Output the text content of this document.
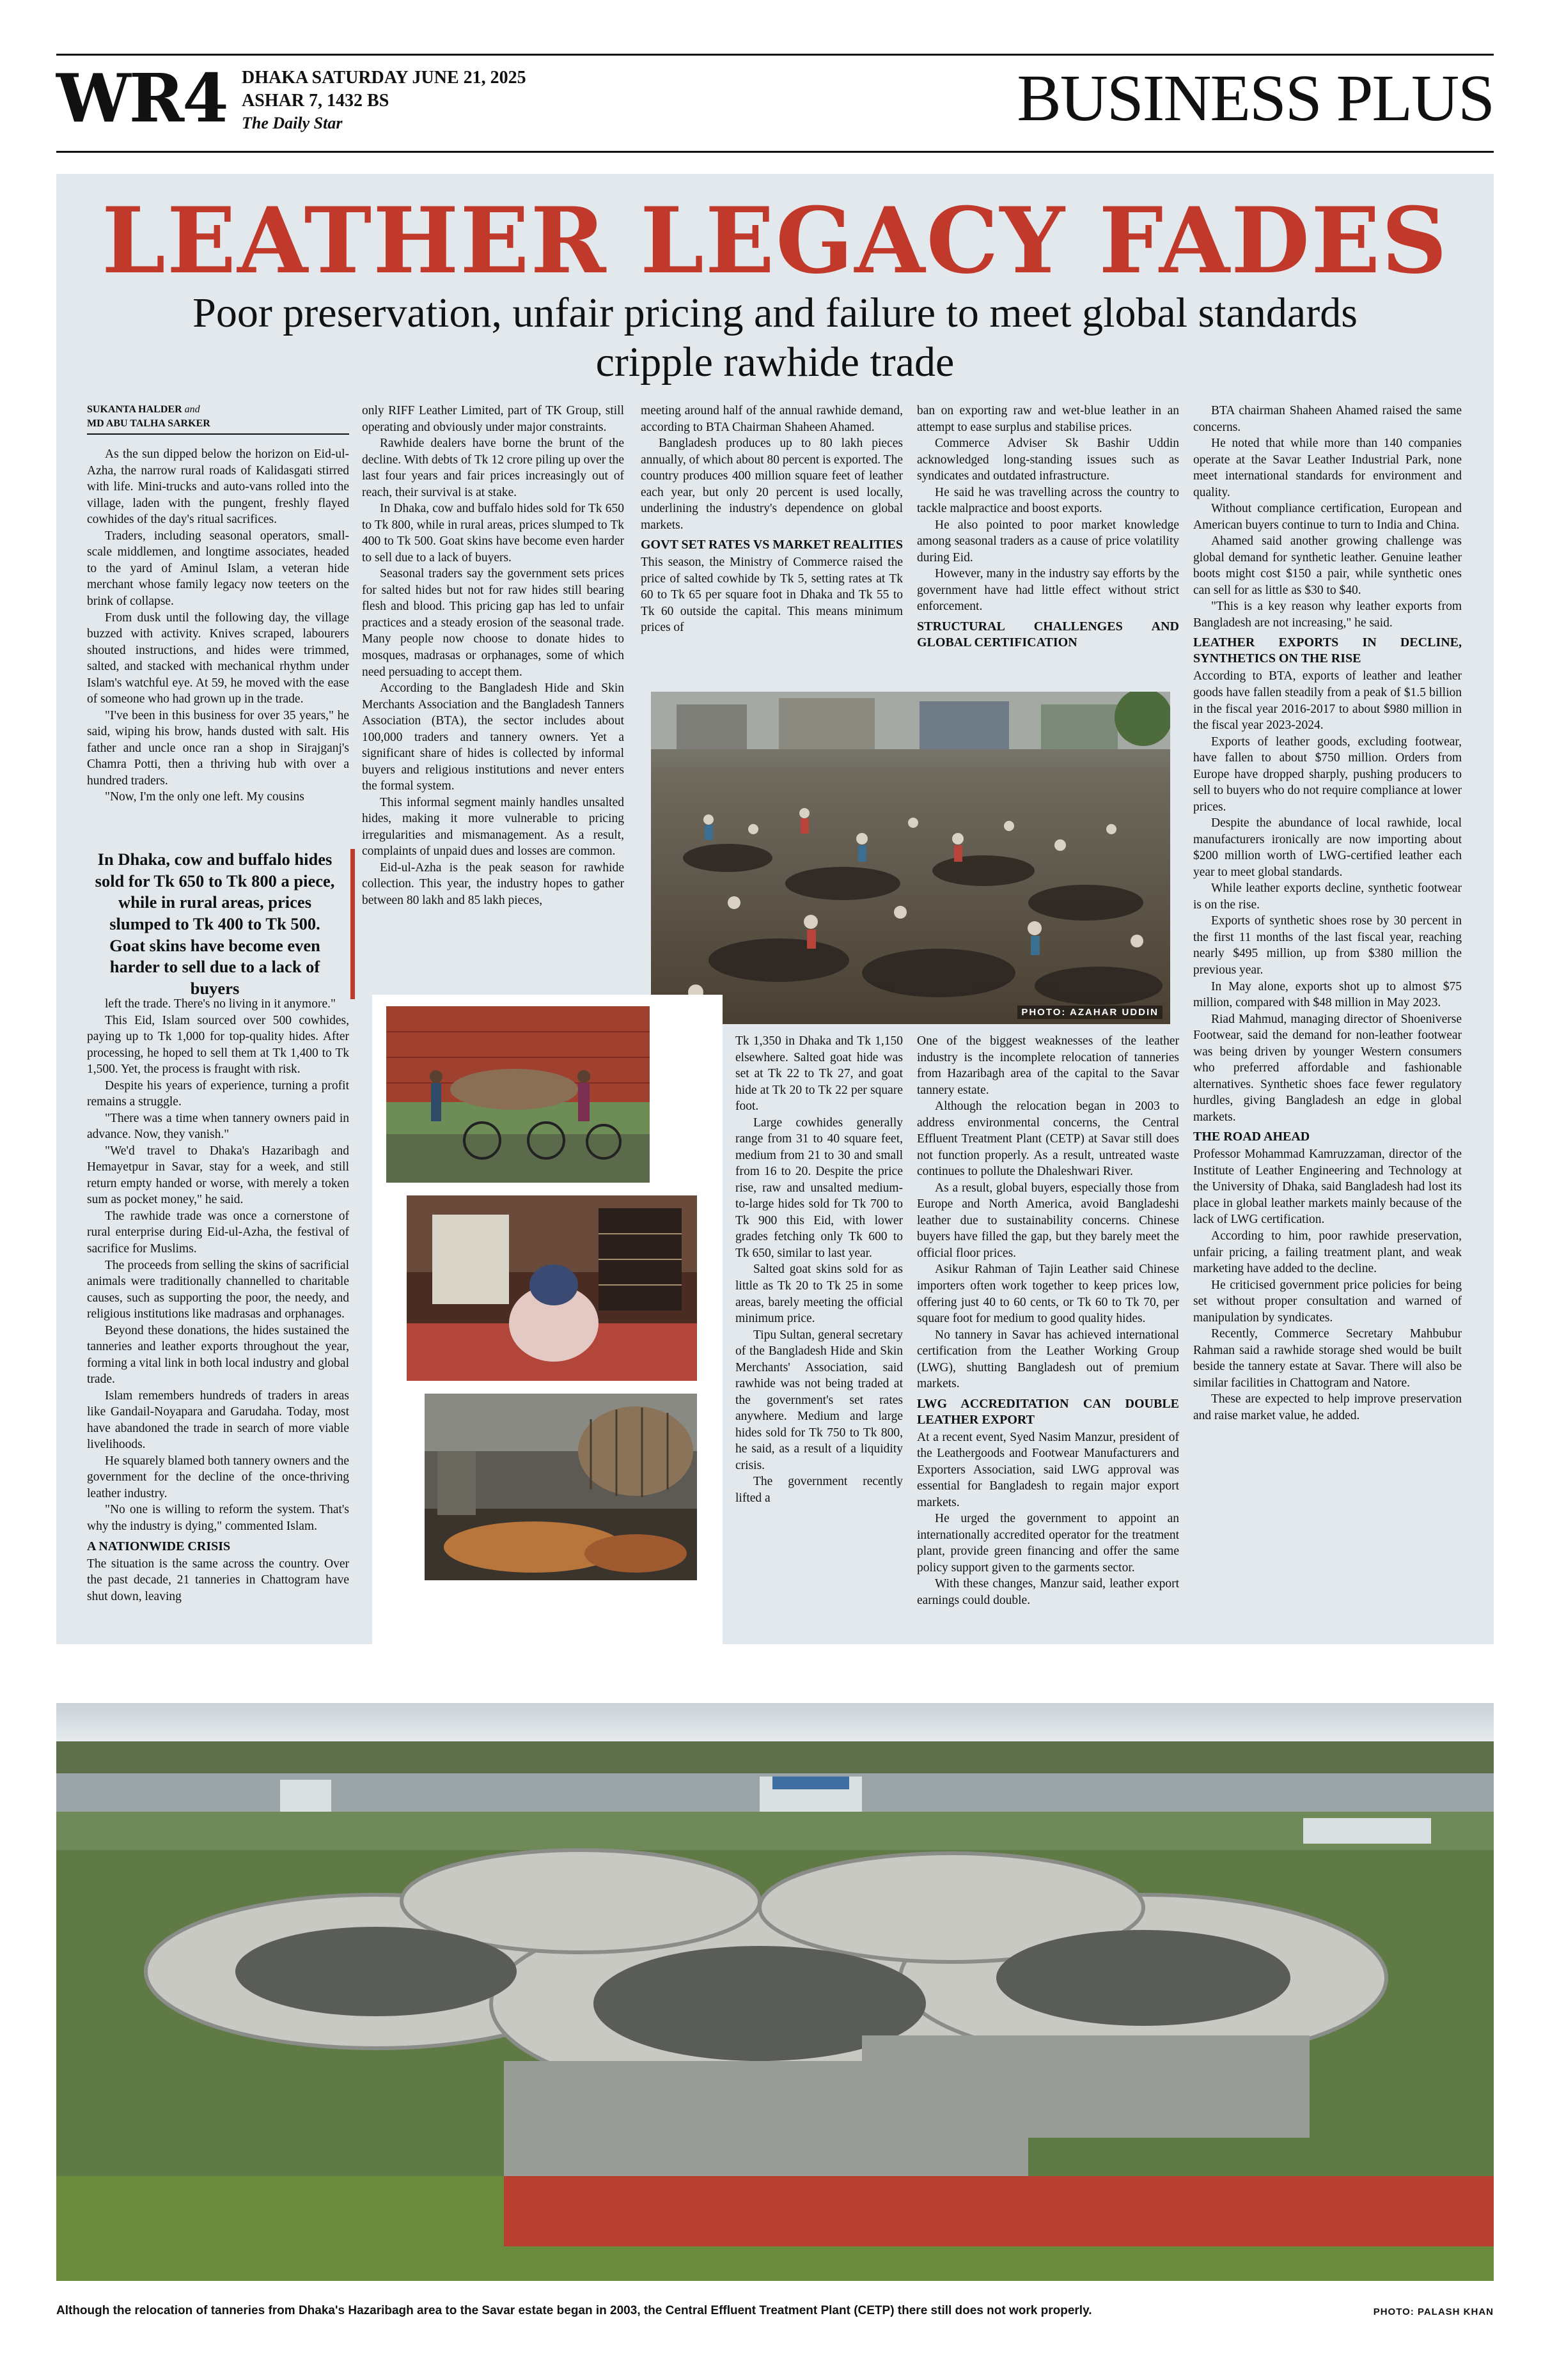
WR4 DHAKA SATURDAY JUNE 21, 2025
ASHAR 7, 1432 BS
The Daily Star	BUSINESS PLUS
LEATHER LEGACY FADES
Poor preservation, unfair pricing and failure to meet global standards cripple rawhide trade
SUKANTA HALDER and
MD ABU TALHA SARKER

As the sun dipped below the horizon on Eid-ul-Azha, the narrow rural roads of Kalidasgati stirred with life. Mini-trucks and auto-vans rolled into the village, laden with the pungent, freshly flayed cowhides of the day's ritual sacrifices.

Traders, including seasonal operators, small-scale middlemen, and longtime associates, headed to the yard of Aminul Islam, a veteran hide merchant whose family legacy now teeters on the brink of collapse.

From dusk until the following day, the village buzzed with activity. Knives scraped, labourers shouted instructions, and hides were trimmed, salted, and stacked with mechanical rhythm under Islam's watchful eye. At 59, he moved with the ease of someone who had grown up in the trade.

"I've been in this business for over 35 years," he said, wiping his brow, hands dusted with salt. His father and uncle once ran a shop in Sirajganj's Chamra Potti, then a thriving hub with over a hundred traders.

"Now, I'm the only one left. My cousins

In Dhaka, cow and buffalo hides sold for Tk 650 to Tk 800 a piece, while in rural areas, prices slumped to Tk 400 to Tk 500. Goat skins have become even harder to sell due to a lack of buyers

left the trade. There's no living in it anymore."

This Eid, Islam sourced over 500 cowhides, paying up to Tk 1,000 for top-quality hides. After processing, he hoped to sell them at Tk 1,400 to Tk 1,500. Yet, the process is fraught with risk.

Despite his years of experience, turning a profit remains a struggle.

"There was a time when tannery owners paid in advance. Now, they vanish."

"We'd travel to Dhaka's Hazaribagh and Hemayetpur in Savar, stay for a week, and still return empty handed or worse, with merely a token sum as pocket money," he said.

The rawhide trade was once a cornerstone of rural enterprise during Eid-ul-Azha, the festival of sacrifice for Muslims.

The proceeds from selling the skins of sacrificial animals were traditionally channelled to charitable causes, such as supporting the poor, the needy, and religious institutions like madrasas and orphanages.

Beyond these donations, the hides sustained the tanneries and leather exports throughout the year, forming a vital link in both local industry and global trade.

Islam remembers hundreds of traders in areas like Gandail-Noyapara and Garudaha. Today, most have abandoned the trade in search of more viable livelihoods.

He squarely blamed both tannery owners and the government for the decline of the once-thriving leather industry.

"No one is willing to reform the system. That's why the industry is dying," commented Islam.

A NATIONWIDE CRISIS

The situation is the same across the country. Over the past decade, 21 tanneries in Chattogram have shut down, leaving

only RIFF Leather Limited, part of TK Group, still operating and obviously under major constraints.

Rawhide dealers have borne the brunt of the decline. With debts of Tk 12 crore piling up over the last four years and fair prices increasingly out of reach, their survival is at stake.

In Dhaka, cow and buffalo hides sold for Tk 650 to Tk 800, while in rural areas, prices slumped to Tk 400 to Tk 500. Goat skins have become even harder to sell due to a lack of buyers.

Seasonal traders say the government sets prices for salted hides but not for raw hides still bearing flesh and blood. This pricing gap has led to unfair practices and a steady erosion of the seasonal trade. Many people now choose to donate hides to mosques, madrasas or orphanages, some of which need persuading to accept them.

According to the Bangladesh Hide and Skin Merchants Association and the Bangladesh Tanners Association (BTA), the sector includes about 100,000 traders and tannery owners. Yet a significant share of hides is collected by informal buyers and religious institutions and never enters the formal system.

This informal segment mainly handles unsalted hides, making it more vulnerable to pricing irregularities and mismanagement. As a result, complaints of unpaid dues and losses are common.

Eid-ul-Azha is the peak season for rawhide collection. This year, the industry hopes to gather between 80 lakh and 85 lakh pieces,

meeting around half of the annual rawhide demand, according to BTA Chairman Shaheen Ahamed.

Bangladesh produces up to 80 lakh pieces annually, of which about 80 percent is exported. The country produces 400 million square feet of leather each year, but only 20 percent is used locally, underlining the industry's dependence on global markets.

GOVT SET RATES VS MARKET REALITIES

This season, the Ministry of Commerce raised the price of salted cowhide by Tk 5, setting rates at Tk 60 to Tk 65 per square foot in Dhaka and Tk 55 to Tk 60 outside the capital. This means minimum prices of

ban on exporting raw and wet-blue leather in an attempt to ease surplus and stabilise prices.

Commerce Adviser Sk Bashir Uddin acknowledged long-standing issues such as syndicates and outdated infrastructure.

He said he was travelling across the country to tackle malpractice and boost exports.

He also pointed to poor market knowledge among seasonal traders as a cause of price volatility during Eid.

However, many in the industry say efforts by the government have had little effect without strict enforcement.

STRUCTURAL CHALLENGES AND GLOBAL CERTIFICATION

BTA chairman Shaheen Ahamed raised the same concerns.

He noted that while more than 140 companies operate at the Savar Leather Industrial Park, none meet international standards for environment and quality.

Without compliance certification, European and American buyers continue to turn to India and China.

Ahamed said another growing challenge was global demand for synthetic leather. Genuine leather boots might cost $150 a pair, while synthetic ones can sell for as little as $30 to $40.

"This is a key reason why leather exports from Bangladesh are not increasing," he said.

LEATHER EXPORTS IN DECLINE, SYNTHETICS ON THE RISE

According to BTA, exports of leather and leather goods have fallen steadily from a peak of $1.5 billion in the fiscal year 2016-2017 to about $980 million in the fiscal year 2023-2024.

Exports of leather goods, excluding footwear, have fallen to about $750 million. Orders from Europe have dropped sharply, pushing producers to sell to buyers who do not require compliance at lower prices.

Despite the abundance of local rawhide, local manufacturers ironically are now importing about $200 million worth of LWG-certified leather each year to meet global standards.

While leather exports decline, synthetic footwear is on the rise.

Exports of synthetic shoes rose by 30 percent in the first 11 months of the last fiscal year, reaching nearly $495 million, up from $380 million the previous year.

In May alone, exports shot up to almost $75 million, compared with $48 million in May 2023.

Riad Mahmud, managing director of Shoeniverse Footwear, said the demand for non-leather footwear was being driven by younger Western consumers who preferred affordable and fashionable alternatives. Synthetic shoes face fewer regulatory hurdles, giving Bangladesh an edge in global markets.

THE ROAD AHEAD

Professor Mohammad Kamruzzaman, director of the Institute of Leather Engineering and Technology at the University of Dhaka, said Bangladesh had lost its place in global leather markets mainly because of the lack of LWG certification.

According to him, poor rawhide preservation, unfair pricing, a failing treatment plant, and weak marketing have added to the decline.

He criticised government price policies for being set without proper consultation and warned of manipulation by syndicates.

Recently, Commerce Secretary Mahbubur Rahman said a rawhide storage shed would be built beside the tannery estate at Savar. There will also be similar facilities in Chattogram and Natore.

These are expected to help improve preservation and raise market value, he added.

PHOTO: AZAHAR UDDIN

Tk 1,350 in Dhaka and Tk 1,150 elsewhere. Salted goat hide was set at Tk 22 to Tk 27, and goat hide at Tk 20 to Tk 22 per square foot.

Large cowhides generally range from 31 to 40 square feet, medium from 21 to 30 and small from 16 to 20. Despite the price rise, raw and unsalted medium-to-large hides sold for Tk 700 to Tk 900 this Eid, with lower grades fetching only Tk 600 to Tk 650, similar to last year.

Salted goat skins sold for as little as Tk 20 to Tk 25 in some areas, barely meeting the official minimum price.

Tipu Sultan, general secretary of the Bangladesh Hide and Skin Merchants' Association, said rawhide was not being traded at the government's set rates anywhere. Medium and large hides sold for Tk 750 to Tk 800, he said, as a result of a liquidity crisis.

The government recently lifted a

One of the biggest weaknesses of the leather industry is the incomplete relocation of tanneries from Hazaribagh area of the capital to the Savar tannery estate.

Although the relocation began in 2003 to address environmental concerns, the Central Effluent Treatment Plant (CETP) at Savar still does not function properly. As a result, untreated waste continues to pollute the Dhaleshwari River.

As a result, global buyers, especially those from Europe and North America, avoid Bangladeshi leather due to sustainability concerns. Chinese buyers have filled the gap, but they barely meet the official floor prices.

Asikur Rahman of Tajin Leather said Chinese importers often work together to keep prices low, offering just 40 to 60 cents, or Tk 60 to Tk 70, per square foot for medium to good quality hides.

No tannery in Savar has achieved international certification from the Leather Working Group (LWG), shutting Bangladesh out of premium markets.

LWG ACCREDITATION CAN DOUBLE LEATHER EXPORT

At a recent event, Syed Nasim Manzur, president of the Leathergoods and Footwear Manufacturers and Exporters Association, said LWG approval was essential for Bangladesh to regain major export markets.

He urged the government to appoint an internationally accredited operator for the treatment plant, provide green financing and offer the same policy support given to the garments sector.

With these changes, Manzur said, leather export earnings could double.

Although the relocation of tanneries from Dhaka's Hazaribagh area to the Savar estate began in 2003, the Central Effluent Treatment Plant (CETP) there still does not work properly.	PHOTO: PALASH KHAN
